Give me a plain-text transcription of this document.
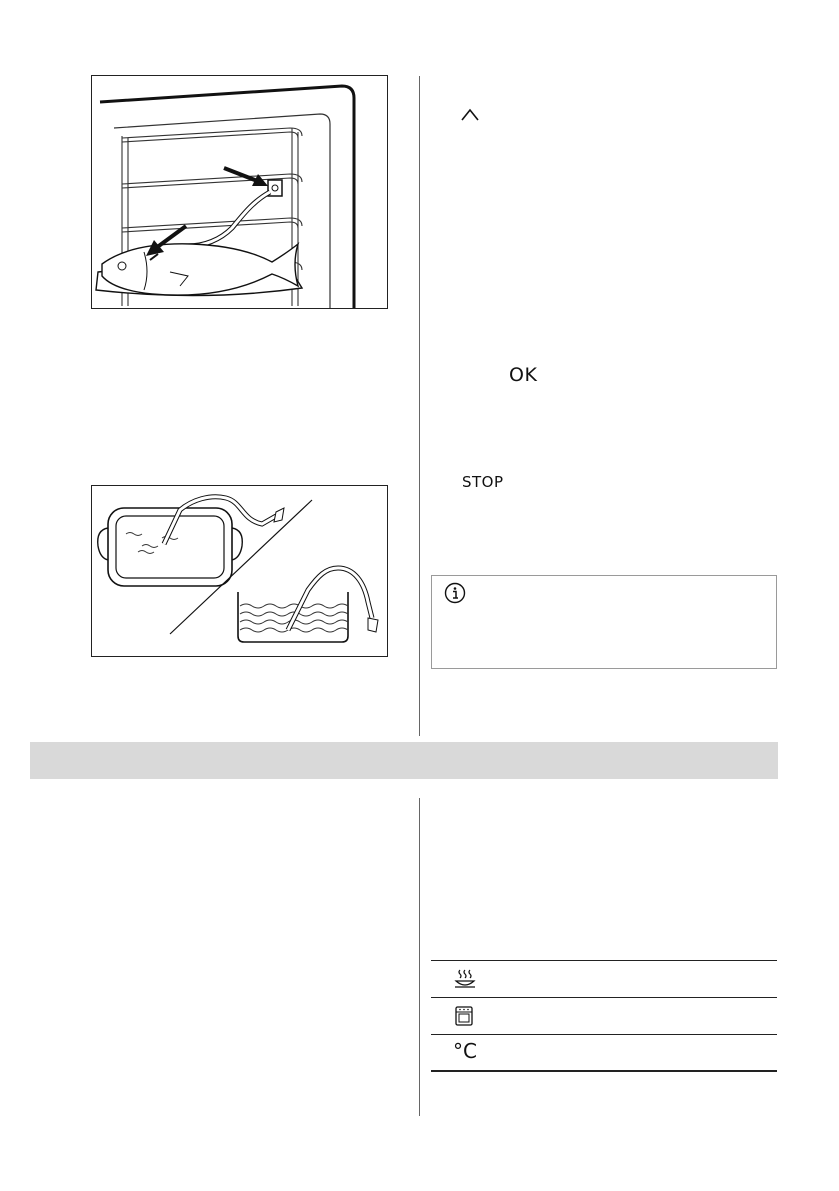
OK
STOP
°C
